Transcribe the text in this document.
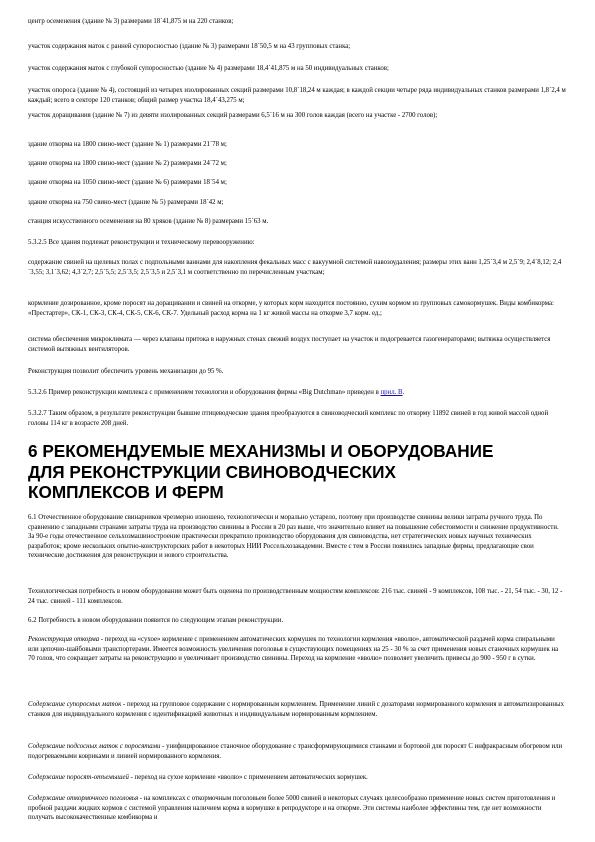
центр осеменения (здание № 3) размерами 18´41,875 м на 220 станков;

участок содержания маток с ранней супоросностью (здание № 3) размерами 18´50,5 м на 43 групповых станка;

участок содержания маток с глубокой супоросностью (здание № 4) размерами 18,4´41,875 м на 50 индивидуальных станков;

участок опороса (здание № 4), состоящий из четырех изолированных секций размерами 10,8´18,24 м каждая; в каждой секции четыре ряда индивидуальных станков размерами 1,8´2,4 м каждый; всего в секторе 120 станков; общий размер участка 18,4´43,275 м;

участок доращивания (здание № 7) из девяти изолированных секций размерами 6,5´16 м на 300 голов каждая (всего на участке - 2700 голов);

здание откорма на 1800 свино-мест (здание № 1) размерами 21´78 м;

здание откорма на 1800 свино-мест (здание № 2) размерами 24´72 м;

здание откорма на 1050 свино-мест (здание № 6) размерами 18´54 м;

здание откорма на 750 свино-мест (здание № 5) размерами 18´42 м;

станция искусственного осеменения на 80 хряков (здание № 8) размерами 15´63 м.

5.3.2.5 Все здания подлежат реконструкции и техническому перевооружению:

содержание свиней на щелевых полах с подпольными ваннами для накопления фекальных масс с вакуумной системой навозоудаления; размеры этих ванн 1,25´3,4 м 2,5´9; 2,4´8,12; 2,4´3,55; 3,1´3,62; 4,3´2,7; 2,5´5,5; 2,5´3,5; 2,5´3,5 и 2,5´3,1 м соответственно по перечисленным участкам;

кормление дозированное, кроме поросят на доращивании и свиней на откорме, у которых корм находится постоянно, сухим кормом из групповых самокормушек. Виды комбикорма: «Престартер», СК-1, СК-3, СК-4, СК-5, СК-6, СК-7. Удельный расход корма на 1 кг живой массы на откорме 3,7 корм. ед.;

система обеспечения микроклимата — через клапаны притока в наружных стенах свежий воздух поступает на участок и подогревается газогенераторами; вытяжка осуществляется системой вытяжных вентиляторов.

Реконструкция позволит обеспечить уровень механизации до 95 %.

5.3.2.6 Пример реконструкции комплекса с применением технологии и оборудования фирмы «Big Dutchman» приведен в прил. В.

5.3.2.7 Таким образом, в результате реконструкции бывшие птицеводческие здания преобразуются в свиноводческий комплекс по откорму 11892 свиней в год живой массой одной головы 114 кг в возрасте 208 дней.

6 РЕКОМЕНДУЕМЫЕ МЕХАНИЗМЫ И ОБОРУДОВАНИЕ ДЛЯ РЕКОНСТРУКЦИИ СВИНОВОДЧЕСКИХ КОМПЛЕКСОВ И ФЕРМ

6.1 Отечественное оборудование свинарников чрезмерно изношено, технологически и морально устарело, поэтому при производстве свинины велики затраты ручного труда. По сравнению с западными странами затраты труда на производство свинины в России в 20 раз выше, что значительно влияет на повышение себестоимости и снижение продуктивности. За 90-е годы отечественное сельхозмашиностроение практически прекратило производство оборудования для свиноводства, нет стратегических новых научных технических разработок; кроме нескольких опытно-конструкторских работ в некоторых НИИ Россельхозакадемии. Вместе с тем в России появились западные фирмы, предлагающие свои технические достижения для реконструкции и нового строительства.

Технологическая потребность в новом оборудовании может быть оценена по производственным мощностям комплексов: 216 тыс. свиней - 9 комплексов, 108 тыс. - 21, 54 тыс. - 30, 12 - 24 тыс. свиней - 111 комплексов.

6.2 Потребность в новом оборудовании появится по следующим этапам реконструкции.

Реконструкция откорма - переход на «сухое» кормление с применением автоматических кормушек по технологии кормления «вволю», автоматической раздачей корма спиральными или цепочно-шайбовыми транспортерами. Имеется возможность увеличения поголовья в существующих помещениях на 25 - 30 % за счет применения новых станочных кормушек на 70 голов, что сокращает затраты на реконструкцию и увеличивает производство свинины. Переход на кормление «вволю» позволяет увеличить привесы до 900 - 950 г в сутки.

Содержание супоросных маток - переход на групповое содержание с нормированным кормлением. Применение линий с дозаторами нормированного кормления и автоматизированных станков для индивидуального кормления с идентификацией животных и индивидуальным нормированным кормлением.

Содержание подсосных маток с поросятами - унифицированное станочное оборудование с трансформирующимися станками и бортовой для поросят С инфракрасным обогревом или подогреваемыми ковриками и линией нормированного кормления.

Содержание поросят-отъемышей - переход на сухое кормление «вволю» с применением автоматических кормушек.

Содержание откормочного поголовья - на комплексах с откормочным поголовьем более 5000 свиней в некоторых случаях целесообразно применение новых систем приготовления и пробной раздачи жидких кормов с системой управления наличием корма в кормушке в репродукторе и на откорме. Эти системы наиболее эффективны тем, где нет возможности получать высококачественные комбикорма и
